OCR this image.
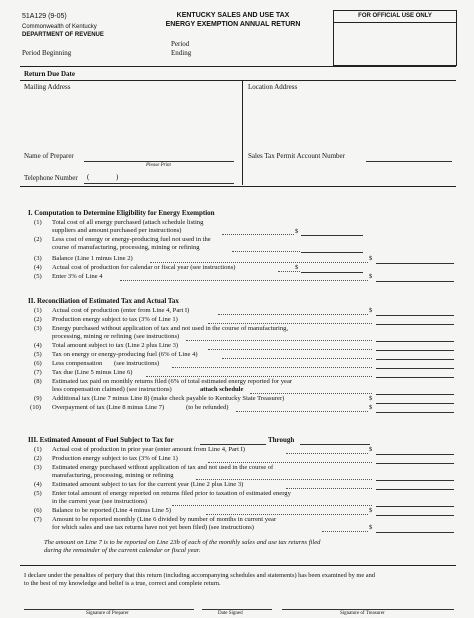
51A129 (9-05)
Commonwealth of Kentucky
DEPARTMENT OF REVENUE
KENTUCKY SALES AND USE TAX
ENERGY EXEMPTION ANNUAL RETURN
FOR OFFICIAL USE ONLY
Period
Ending
Period Beginning
Return Due Date
Mailing Address	Location Address
Name of Preparer
Please Print
Sales Tax Permit Account Number
Telephone Number (	)
I. Computation to Determine Eligibility for Energy Exemption
(1) Total cost of all energy purchased (attach schedule listing
suppliers and amount purchased per instructions)	$
(2) Less cost of energy or energy-producing fuel not used in the
course of manufacturing, processing, mining or refining
(3) Balance (Line 1 minus Line 2)	$
(4) Actual cost of production for calendar or fiscal year (see instructions)	$
(5) Enter 3% of Line 4	$
II. Reconciliation of Estimated Tax and Actual Tax
(1) Actual cost of production (enter from Line 4, Part I)	$
(2) Production energy subject to tax (3% of Line 1)
(3) Energy purchased without application of tax and not used in the course of manufacturing,
processing, mining or refining (see instructions)
(4) Total amount subject to tax (Line 2 plus Line 3)
(5) Tax on energy or energy-producing fuel (6% of Line 4)
(6) Less compensation (see instructions)
(7) Tax due (Line 5 minus Line 6)
(8) Estimated tax paid on monthly returns filed (6% of total estimated energy reported for year
less compensation claimed) (see instructions)	attach schedule
(9) Additional tax (Line 7 minus Line 8) (make check payable to Kentucky State Treasurer)	$
(10) Overpayment of tax (Line 8 minus Line 7)	(to be refunded)	$
III. Estimated Amount of Fuel Subject to Tax for	Through
(1) Actual cost of production in prior year (enter amount from Line 4, Part I)	$
(2) Production energy subject to tax (3% of Line 1)
(3) Estimated energy purchased without application of tax and not used in the course of
manufacturing, processing, mining or refining
(4) Estimated amount subject to tax for the current year (Line 2 plus Line 3)
(5) Enter total amount of energy reported on returns filed prior to taxation of estimated energy
in the current year (see instructions)
(6) Balance to be reported (Line 4 minus Line 5)	$
(7) Amount to be reported monthly (Line 6 divided by number of months in current year
for which sales and use tax returns have not yet been filed) (see instructions)	$
The amount on Line 7 is to be reported on Line 23b of each of the monthly sales and use tax returns filed
during the remainder of the current calendar or fiscal year.
I declare under the penalties of perjury that this return (including accompanying schedules and statements) has been examined by me and
to the best of my knowledge and belief is a true, correct and complete return.
Signature of Preparer	Date Signed	Signature of Treasurer
